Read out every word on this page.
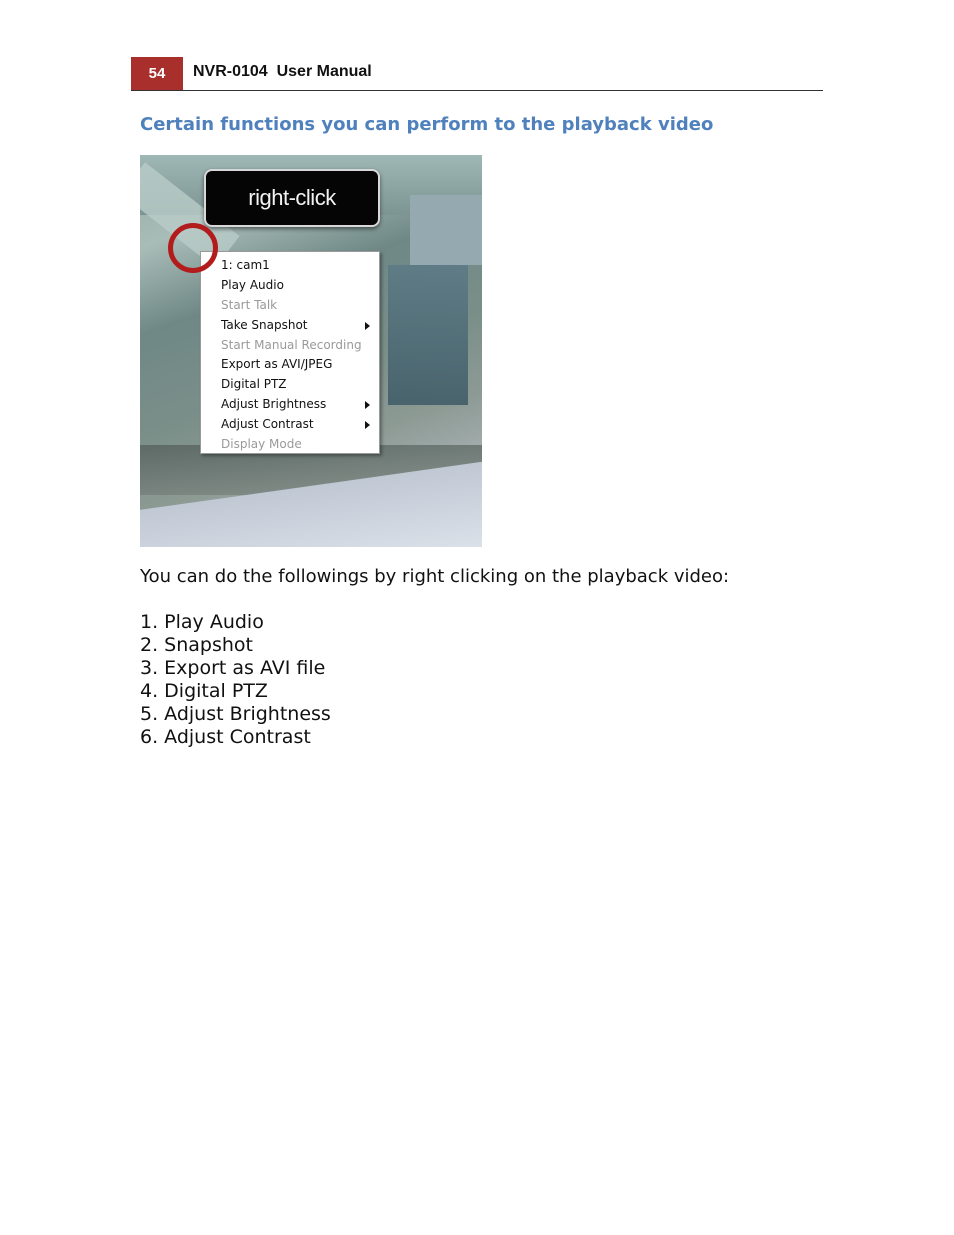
54 NVR-0104  User Manual
Certain functions you can perform to the playback video
right-click
1: cam1
Play Audio
Start Talk
Take Snapshot
Start Manual Recording
Export as AVI/JPEG
Digital PTZ
Adjust Brightness
Adjust Contrast
Display Mode
You can do the followings by right clicking on the playback video:
1. Play Audio
2. Snapshot
3. Export as AVI file
4. Digital PTZ
5. Adjust Brightness
6. Adjust Contrast
